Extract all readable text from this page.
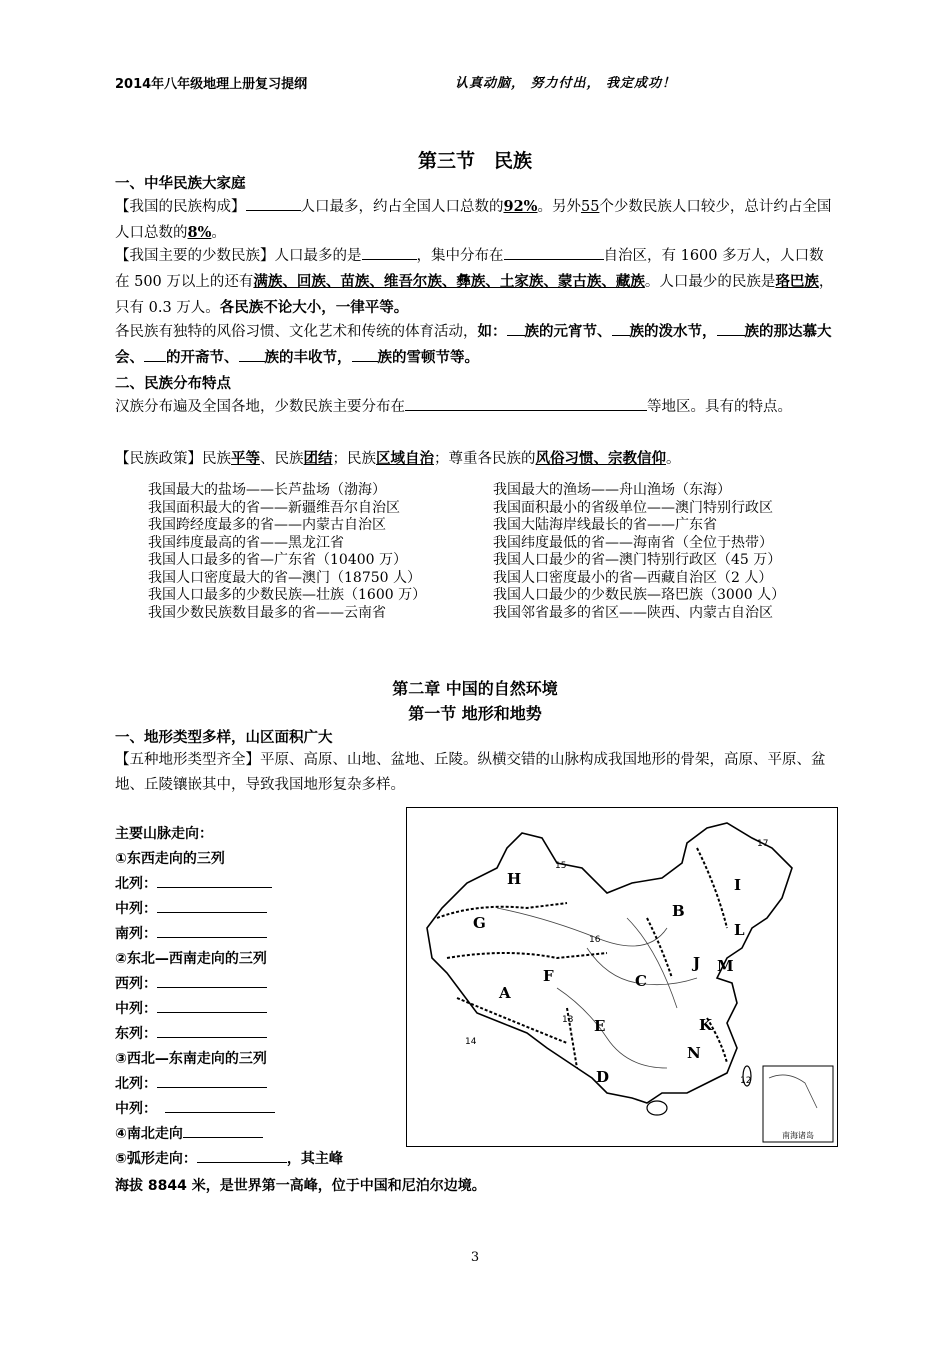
2014年八年级地理上册复习提纲	认真动脑， 努力付出， 我定成功！
第三节　民族
一、中华民族大家庭
【我国的民族构成】	人口最多，约占全国人口总数的92%。另外55个少数民族人口较少，总计约占全国人口总数的8%。
【我国主要的少数民族】人口最多的是	，集中分布在	自治区，有 1600 多万人，人口数在 500 万以上的还有满族、回族、苗族、维吾尔族、彝族、土家族、蒙古族、藏族。人口最少的民族是珞巴族，只有 0.3 万人。各民族不论大小，一律平等。
各民族有独特的风俗习惯、文化艺术和传统的体育活动，如： 族的元宵节、 族的泼水节， 族的那达慕大会、 的开斋节、 族的丰收节， 族的雪顿节等。
二、民族分布特点
汉族分布遍及全国各地，少数民族主要分布在	等地区。具有的特点。
【民族政策】民族平等、民族团结；民族区域自治；尊重各民族的风俗习惯、宗教信仰。
我国最大的盐场——长芦盐场（渤海）	我国最大的渔场——舟山渔场（东海）
我国面积最大的省——新疆维吾尔自治区	我国面积最小的省级单位——澳门特别行政区
我国跨经度最多的省——内蒙古自治区	我国大陆海岸线最长的省——广东省
我国纬度最高的省——黑龙江省	我国纬度最低的省——海南省（全位于热带）
我国人口最多的省—广东省（10400 万）	我国人口最少的省—澳门特别行政区（45 万）
我国人口密度最大的省—澳门（18750 人）	我国人口密度最小的省—西藏自治区（2 人）
我国人口最多的少数民族—壮族（1600 万）	我国人口最少的少数民族—珞巴族（3000 人）
我国少数民族数目最多的省——云南省	我国邻省最多的省区——陕西、内蒙古自治区
第二章 中国的自然环境
第一节 地形和地势
一、地形类型多样，山区面积广大
【五种地形类型齐全】平原、高原、山地、盆地、丘陵。纵横交错的山脉构成我国地形的骨架，高原、平原、盆地、丘陵镶嵌其中，导致我国地形复杂多样。
主要山脉走向：
①东西走向的三列
北列：
中列：
南列：
②东北—西南走向的三列
西列：
中列：
东列：
③西北—东南走向的三列
北列：
中列：
④南北走向
⑤弧形走向：	，其主峰
海拔 8844 米，是世界第一高峰，位于中国和尼泊尔边境。
南海诸岛
H
G
B
I
L
A
F	C
J M
E	K
N
D
15
16
17
14
13
12
3
